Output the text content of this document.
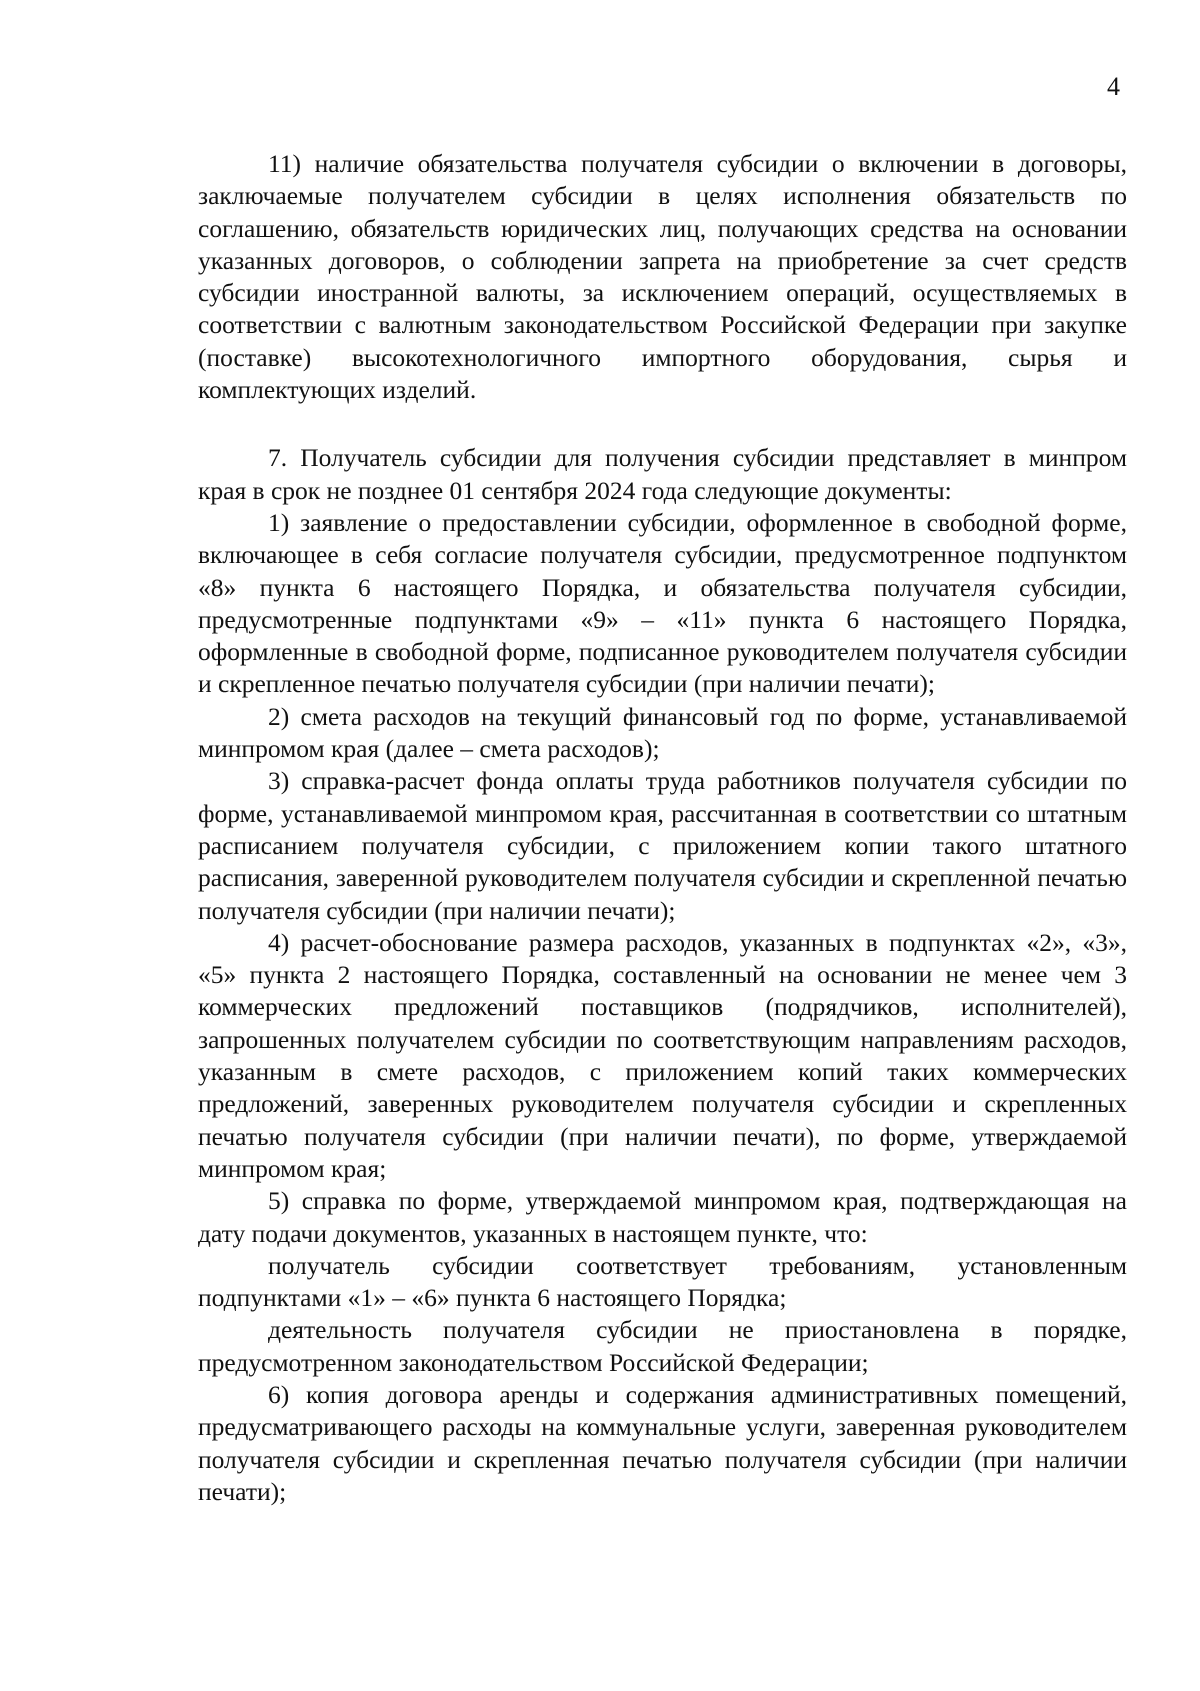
4

11) наличие обязательства получателя субсидии о включении в договоры, заключаемые получателем субсидии в целях исполнения обязательств по соглашению, обязательств юридических лиц, получающих средства на основании указанных договоров, о соблюдении запрета на приобретение за счет средств субсидии иностранной валюты, за исключением операций, осуществляемых в соответствии с валютным законодательством Российской Федерации при закупке (поставке) высокотехнологичного импортного оборудования, сырья и комплектующих изделий.

7. Получатель субсидии для получения субсидии представляет в минпром края в срок не позднее 01 сентября 2024 года следующие документы:

1) заявление о предоставлении субсидии, оформленное в свободной форме, включающее в себя согласие получателя субсидии, предусмотренное подпунктом «8» пункта 6 настоящего Порядка, и обязательства получателя субсидии, предусмотренные подпунктами «9» – «11» пункта 6 настоящего Порядка, оформленные в свободной форме, подписанное руководителем получателя субсидии и скрепленное печатью получателя субсидии (при наличии печати);

2) смета расходов на текущий финансовый год по форме, устанавливаемой минпромом края (далее – смета расходов);

3) справка-расчет фонда оплаты труда работников получателя субсидии по форме, устанавливаемой минпромом края, рассчитанная в соответствии со штатным расписанием получателя субсидии, с приложением копии такого штатного расписания, заверенной руководителем получателя субсидии и скрепленной печатью получателя субсидии (при наличии печати);

4) расчет-обоснование размера расходов, указанных в подпунктах «2», «3», «5» пункта 2 настоящего Порядка, составленный на основании не менее чем 3 коммерческих предложений поставщиков (подрядчиков, исполнителей), запрошенных получателем субсидии по соответствующим направлениям расходов, указанным в смете расходов, с приложением копий таких коммерческих предложений, заверенных руководителем получателя субсидии и скрепленных печатью получателя субсидии (при наличии печати), по форме, утверждаемой минпромом края;

5) справка по форме, утверждаемой минпромом края, подтверждающая на дату подачи документов, указанных в настоящем пункте, что:

получатель субсидии соответствует требованиям, установленным подпунктами «1» – «6» пункта 6 настоящего Порядка;

деятельность получателя субсидии не приостановлена в порядке, предусмотренном законодательством Российской Федерации;

6) копия договора аренды и содержания административных помещений, предусматривающего расходы на коммунальные услуги, заверенная руководителем получателя субсидии и скрепленная печатью получателя субсидии (при наличии печати);
